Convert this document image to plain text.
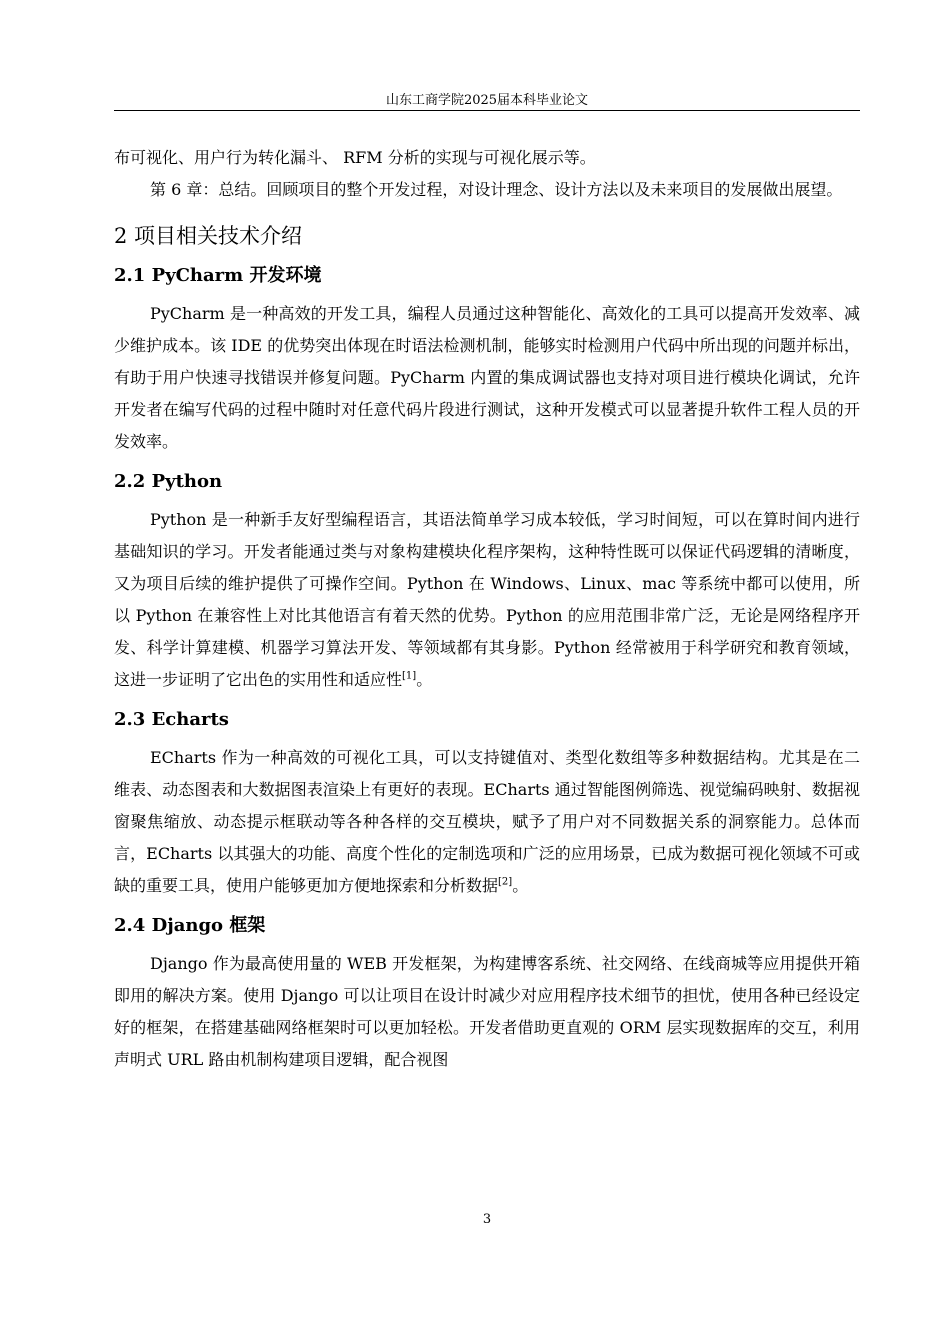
山东工商学院2025届本科毕业论文

布可视化、用户行为转化漏斗、 RFM 分析的实现与可视化展示等。

第 6 章：总结。回顾项目的整个开发过程，对设计理念、设计方法以及未来项目的发展做出展望。

2 项目相关技术介绍
2.1 PyCharm 开发环境

PyCharm 是一种高效的开发工具，编程人员通过这种智能化、高效化的工具可以提高开发效率、减少维护成本。该 IDE 的优势突出体现在时语法检测机制，能够实时检测用户代码中所出现的问题并标出，有助于用户快速寻找错误并修复问题。PyCharm 内置的集成调试器也支持对项目进行模块化调试，允许开发者在编写代码的过程中随时对任意代码片段进行测试，这种开发模式可以显著提升软件工程人员的开发效率。

2.2 Python

Python 是一种新手友好型编程语言，其语法简单学习成本较低，学习时间短，可以在算时间内进行基础知识的学习。开发者能通过类与对象构建模块化程序架构，这种特性既可以保证代码逻辑的清晰度，又为项目后续的维护提供了可操作空间。Python 在 Windows、Linux、mac 等系统中都可以使用，所以 Python 在兼容性上对比其他语言有着天然的优势。Python 的应用范围非常广泛，无论是网络程序开发、科学计算建模、机器学习算法开发、等领域都有其身影。Python 经常被用于科学研究和教育领域，这进一步证明了它出色的实用性和适应性[1]。

2.3 Echarts

ECharts 作为一种高效的可视化工具，可以支持键值对、类型化数组等多种数据结构。尤其是在二维表、动态图表和大数据图表渲染上有更好的表现。ECharts 通过智能图例筛选、视觉编码映射、数据视窗聚焦缩放、动态提示框联动等各种各样的交互模块，赋予了用户对不同数据关系的洞察能力。总体而言，ECharts 以其强大的功能、高度个性化的定制选项和广泛的应用场景，已成为数据可视化领域不可或缺的重要工具，使用户能够更加方便地探索和分析数据[2]。

2.4 Django 框架

Django 作为最高使用量的 WEB 开发框架，为构建博客系统、社交网络、在线商城等应用提供开箱即用的解决方案。使用 Django 可以让项目在设计时减少对应用程序技术细节的担忧，使用各种已经设定好的框架，在搭建基础网络框架时可以更加轻松。开发者借助更直观的 ORM 层实现数据库的交互，利用声明式 URL 路由机制构建项目逻辑，配合视图

3
